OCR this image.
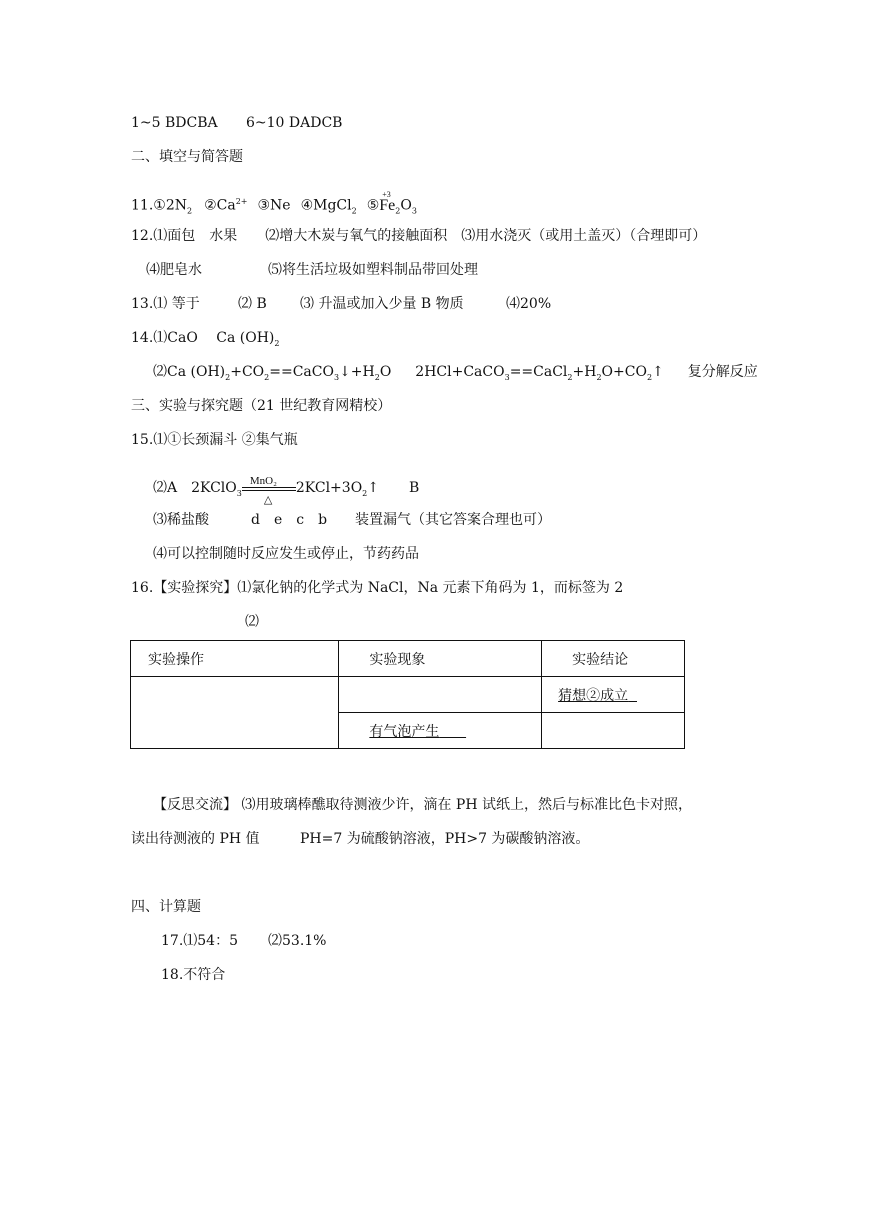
1~5 BDCBA 6~10 DADCB
二、填空与简答题
$11.①2N_2$ $②Ca^{2+}$ ③Ne ④MgCl$_2$ ⑤
+3
$Fe_2O_3$
12.⑴面包　水果　　⑵增大木炭与氧气的接触面积　⑶用水浇灭（或用土盖灭）（合理即可）
⑷肥皂水	⑸将生活垃圾如塑料制品带回处理
13.⑴ 等于	⑵ B ⑶ 升温或加入少量 B 物质	⑷20%
14.⑴CaO　 Ca $(OH)_2$
⑵Ca $(OH)_2+CO_2==CaCO_3↓+H_2O$ $2HCl+CaCO_3==CaCl_2+H_2O+CO_2↑$ 复分解反应
三、实验与探究题（21 世纪教育网精校）
15.⑴①长颈漏斗 ②集气瓶
⑵A　2KClO$_3$
MnO₂
△
$2KCl+3O_2↑$ B
⑶稀盐酸　　　d　e　c　b　　装置漏气（其它答案合理也可）
⑷可以控制随时反应发生或停止，节药药品
16.【实验探究】⑴氯化钠的化学式为 NaCl，Na 元素下角码为 1，而标签为 2
⑵
实验操作	实验现象	实验结论
		猜想②成立
	有气泡产生	
【反思交流】 ⑶用玻璃棒醮取待测液少许，滴在 PH 试纸上，然后与标准比色卡对照，
读出待测液的 PH 值	PH=7 为硫酸钠溶液，PH>7 为碳酸钠溶液。
四、计算题
17.⑴54：5 ⑵53.1%
18.不符合
